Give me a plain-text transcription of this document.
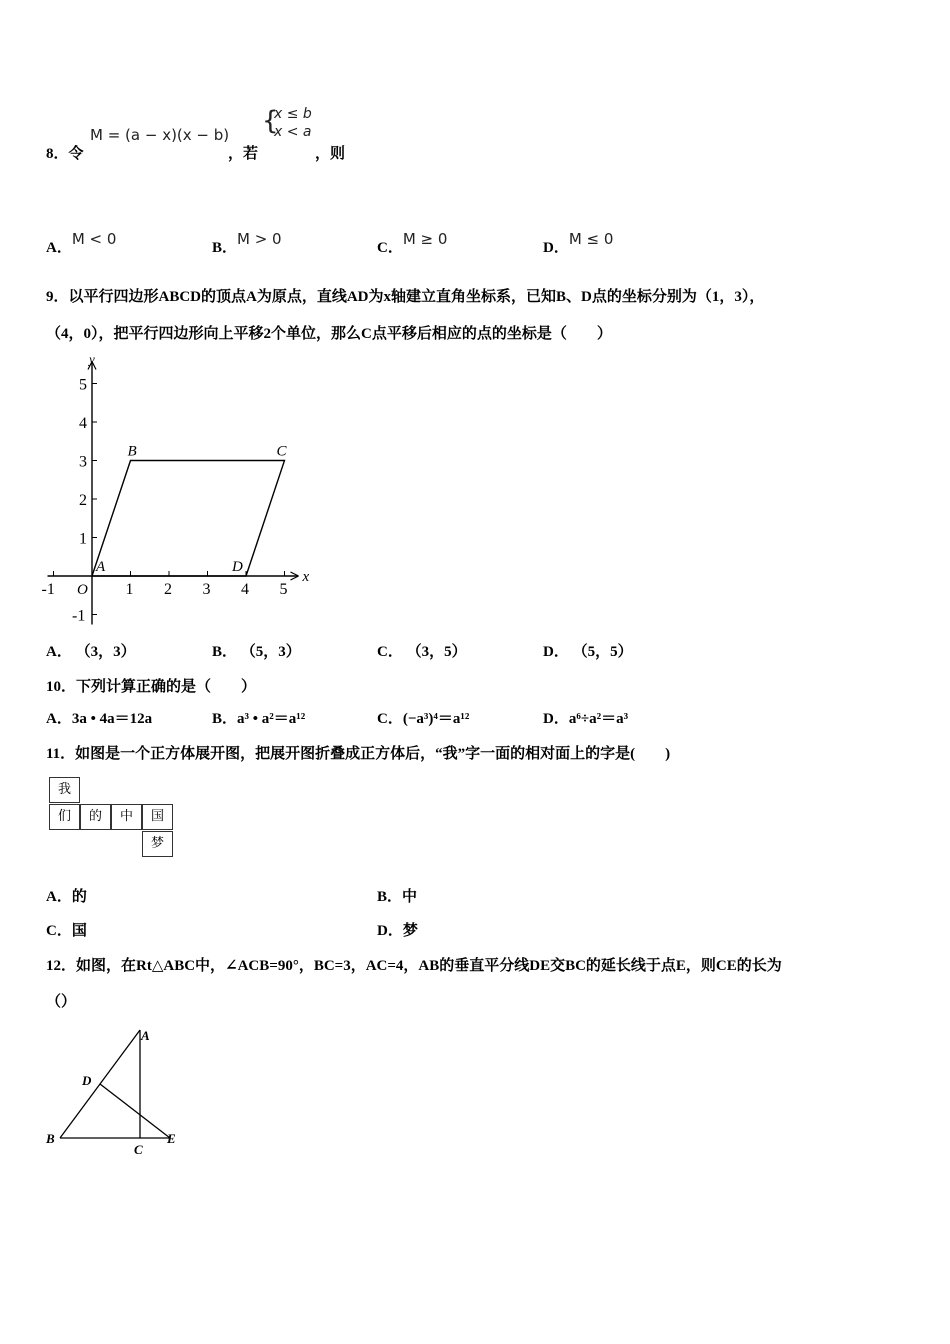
8．令
M = (a − x)(x − b)
，若
{
x ≤ b
x < a
，则
A．M < 0	B．M > 0	C．M ≥ 0	D．M ≤ 0
9．以平行四边形ABCD的顶点A为原点，直线AD为x轴建立直角坐标系，已知B、D点的坐标分别为（1，3），
（4，0），把平行四边形向上平移2个单位，那么C点平移后相应的点的坐标是（　　）
x
y
O
-1	1 2 3 4 5
-1
1
2
3
4
5
A
B	C
D
A． （3，3）	B． （5，3）	C． （3，5）	D． （5，5）
10．下列计算正确的是（　　）
A．3a • 4a＝12a	B．a³ • a²＝a¹²	C．(−a³)⁴＝a¹²	D．a⁶÷a²＝a³
11．如图是一个正方体展开图，把展开图折叠成正方体后，“我”字一面的相对面上的字是(　　)
我
们	的	中	国
梦
A．的	B．中
C．国	D．梦
12．如图，在Rt△ABC中，∠ACB=90°，BC=3，AC=4，AB的垂直平分线DE交BC的延长线于点E，则CE的长为
（）
A
B
C
D
E
